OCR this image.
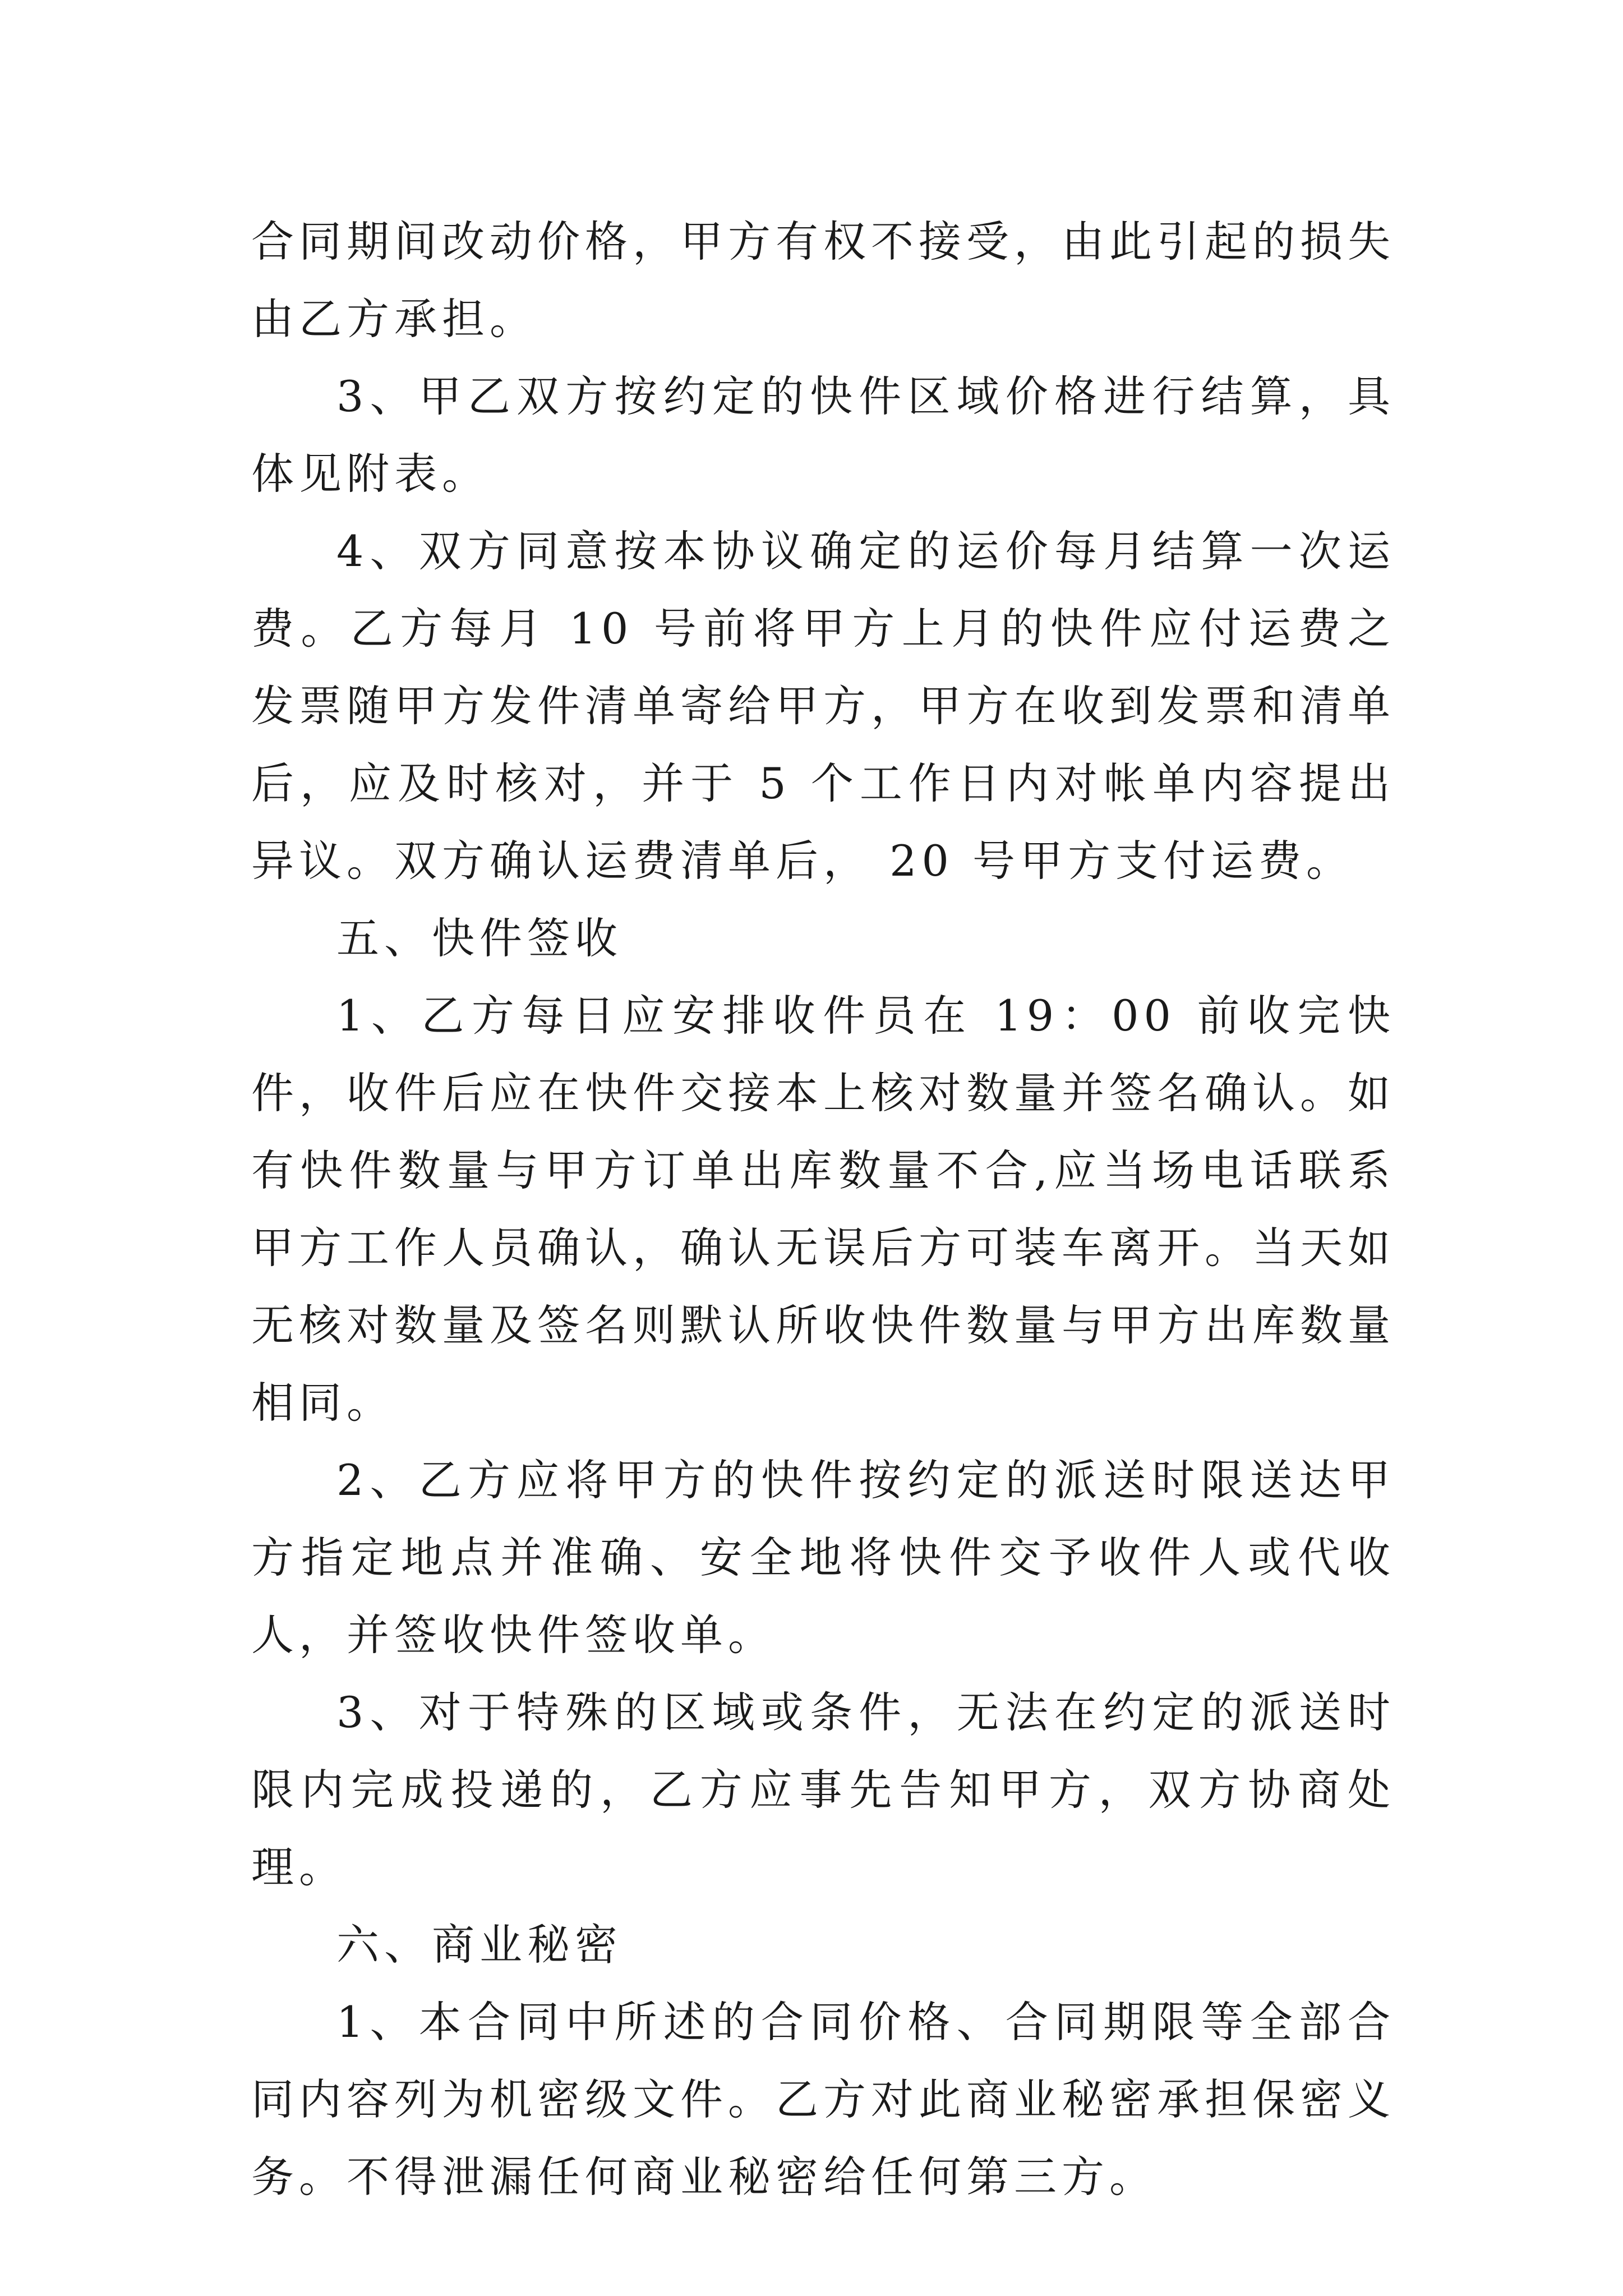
合同期间改动价格，甲方有权不接受，由此引起的损失由乙方承担。

3、甲乙双方按约定的快件区域价格进行结算，具体见附表。

4、双方同意按本协议确定的运价每月结算一次运费。乙方每月 10 号前将甲方上月的快件应付运费之发票随甲方发件清单寄给甲方，甲方在收到发票和清单后，应及时核对，并于 5 个工作日内对帐单内容提出异议。双方确认运费清单后， 20 号甲方支付运费。

五、快件签收

1、乙方每日应安排收件员在 19：00 前收完快件，收件后应在快件交接本上核对数量并签名确认。如有快件数量与甲方订单出库数量不合,应当场电话联系甲方工作人员确认，确认无误后方可装车离开。当天如无核对数量及签名则默认所收快件数量与甲方出库数量相同。

2、乙方应将甲方的快件按约定的派送时限送达甲方指定地点并准确、安全地将快件交予收件人或代收人，并签收快件签收单。

3、对于特殊的区域或条件，无法在约定的派送时限内完成投递的，乙方应事先告知甲方，双方协商处理。

六、商业秘密

1、本合同中所述的合同价格、合同期限等全部合同内容列为机密级文件。乙方对此商业秘密承担保密义务。不得泄漏任何商业秘密给任何第三方。
